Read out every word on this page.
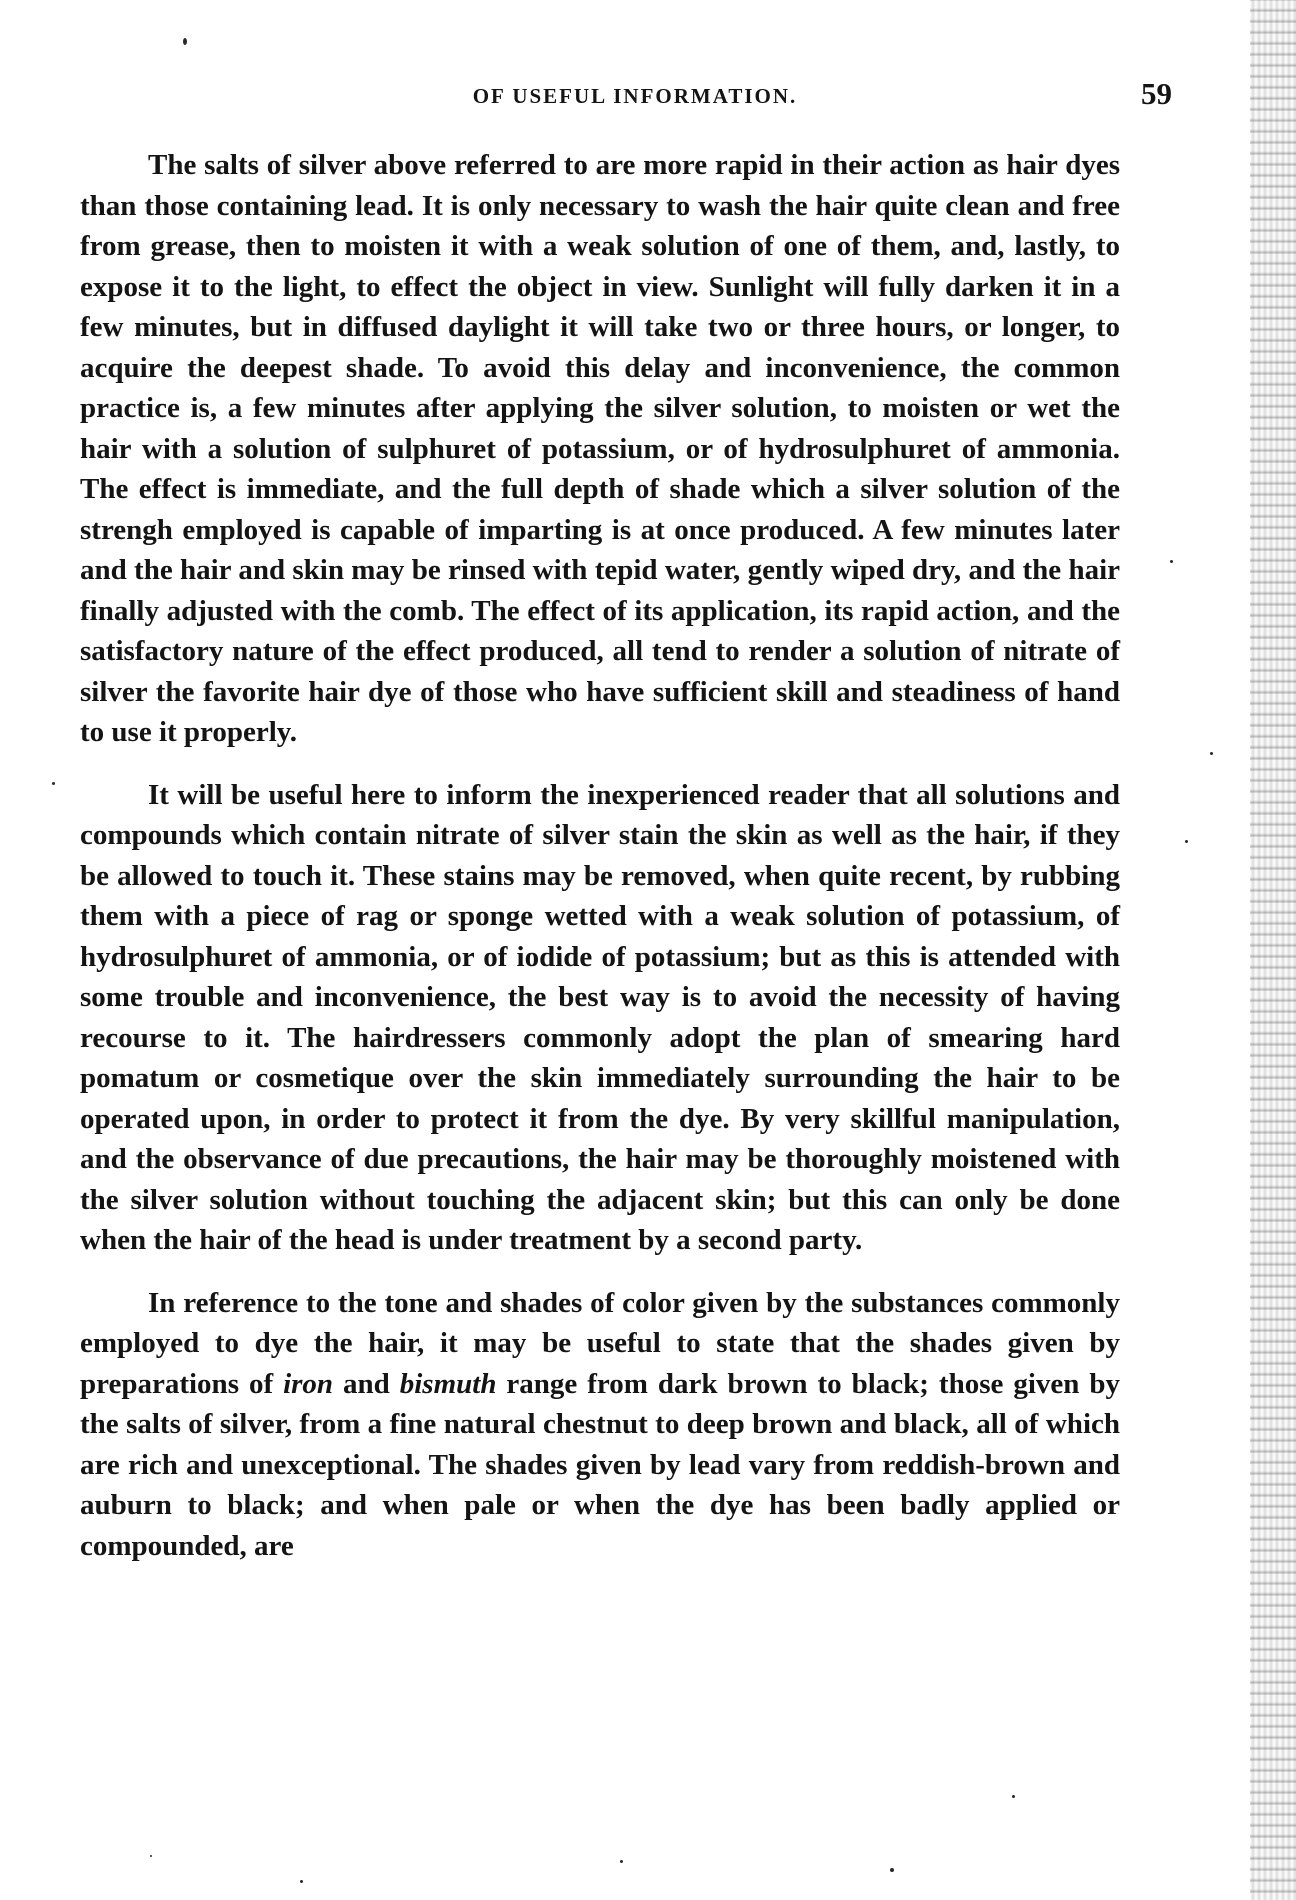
OF USEFUL INFORMATION.	59

The salts of silver above referred to are more rapid in their action as hair dyes than those containing lead. It is only necessary to wash the hair quite clean and free from grease, then to moisten it with a weak solution of one of them, and, lastly, to expose it to the light, to effect the object in view. Sunlight will fully darken it in a few minutes, but in diffused daylight it will take two or three hours, or longer, to acquire the deepest shade. To avoid this delay and inconvenience, the common practice is, a few minutes after applying the silver solution, to moisten or wet the hair with a solution of sulphuret of potassium, or of hydrosulphuret of ammonia. The effect is immediate, and the full depth of shade which a silver solution of the strengh employed is capable of imparting is at once produced. A few minutes later and the hair and skin may be rinsed with tepid water, gently wiped dry, and the hair finally adjusted with the comb. The effect of its application, its rapid action, and the satisfactory nature of the effect produced, all tend to render a solution of nitrate of silver the favorite hair dye of those who have sufficient skill and steadiness of hand to use it properly.

It will be useful here to inform the inexperienced reader that all solutions and compounds which contain nitrate of silver stain the skin as well as the hair, if they be allowed to touch it. These stains may be removed, when quite recent, by rubbing them with a piece of rag or sponge wetted with a weak solution of potassium, of hydrosulphuret of ammonia, or of iodide of potassium; but as this is attended with some trouble and inconvenience, the best way is to avoid the necessity of having recourse to it. The hairdressers commonly adopt the plan of smearing hard pomatum or cosmetique over the skin immediately surrounding the hair to be operated upon, in order to protect it from the dye. By very skillful manipulation, and the observance of due precautions, the hair may be thoroughly moistened with the silver solution without touching the adjacent skin; but this can only be done when the hair of the head is under treatment by a second party.

In reference to the tone and shades of color given by the substances commonly employed to dye the hair, it may be useful to state that the shades given by preparations of iron and bismuth range from dark brown to black; those given by the salts of silver, from a fine natural chestnut to deep brown and black, all of which are rich and unexceptional. The shades given by lead vary from reddish-brown and auburn to black; and when pale or when the dye has been badly applied or compounded, are
